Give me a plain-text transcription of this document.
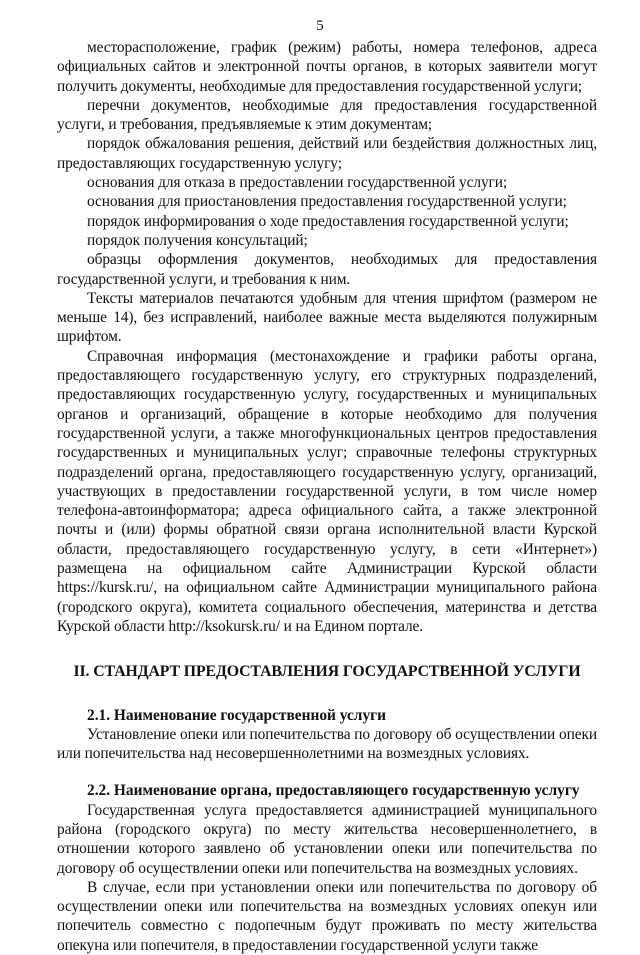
5

месторасположение, график (режим) работы, номера телефонов, адреса официальных сайтов и электронной почты органов, в которых заявители могут получить документы, необходимые для предоставления государственной услуги;

перечни документов, необходимые для предоставления государственной услуги, и требования, предъявляемые к этим документам;

порядок обжалования решения, действий или бездействия должностных лиц, предоставляющих государственную услугу;

основания для отказа в предоставлении государственной услуги;

основания для приостановления предоставления государственной услуги;

порядок информирования о ходе предоставления государственной услуги;

порядок получения консультаций;

образцы оформления документов, необходимых для предоставления государственной услуги, и требования к ним.

Тексты материалов печатаются удобным для чтения шрифтом (размером не меньше 14), без исправлений, наиболее важные места выделяются полужирным шрифтом.

Справочная информация (местонахождение и графики работы органа, предоставляющего государственную услугу, его структурных подразделений, предоставляющих государственную услугу, государственных и муниципальных органов и организаций, обращение в которые необходимо для получения государственной услуги, а также многофункциональных центров предоставления государственных и муниципальных услуг; справочные телефоны структурных подразделений органа, предоставляющего государственную услугу, организаций, участвующих в предоставлении государственной услуги, в том числе номер телефона-автоинформатора; адреса официального сайта, а также электронной почты и (или) формы обратной связи органа исполнительной власти Курской области, предоставляющего государственную услугу, в сети «Интернет») размещена на официальном сайте Администрации Курской области https://kursk.ru/, на официальном сайте Администрации муниципального района (городского округа), комитета социального обеспечения, материнства и детства Курской области http://ksokursk.ru/ и на Едином портале.

II. СТАНДАРТ ПРЕДОСТАВЛЕНИЯ ГОСУДАРСТВЕННОЙ УСЛУГИ

2.1. Наименование государственной услуги

Установление опеки или попечительства по договору об осуществлении опеки или попечительства над несовершеннолетними на возмездных условиях.

2.2. Наименование органа, предоставляющего государственную услугу

Государственная услуга предоставляется администрацией муниципального района (городского округа) по месту жительства несовершеннолетнего, в отношении которого заявлено об установлении опеки или попечительства по договору об осуществлении опеки или попечительства на возмездных условиях.

В случае, если при установлении опеки или попечительства по договору об осуществлении опеки или попечительства на возмездных условиях опекун или попечитель совместно с подопечным будут проживать по месту жительства опекуна или попечителя, в предоставлении государственной услуги также
